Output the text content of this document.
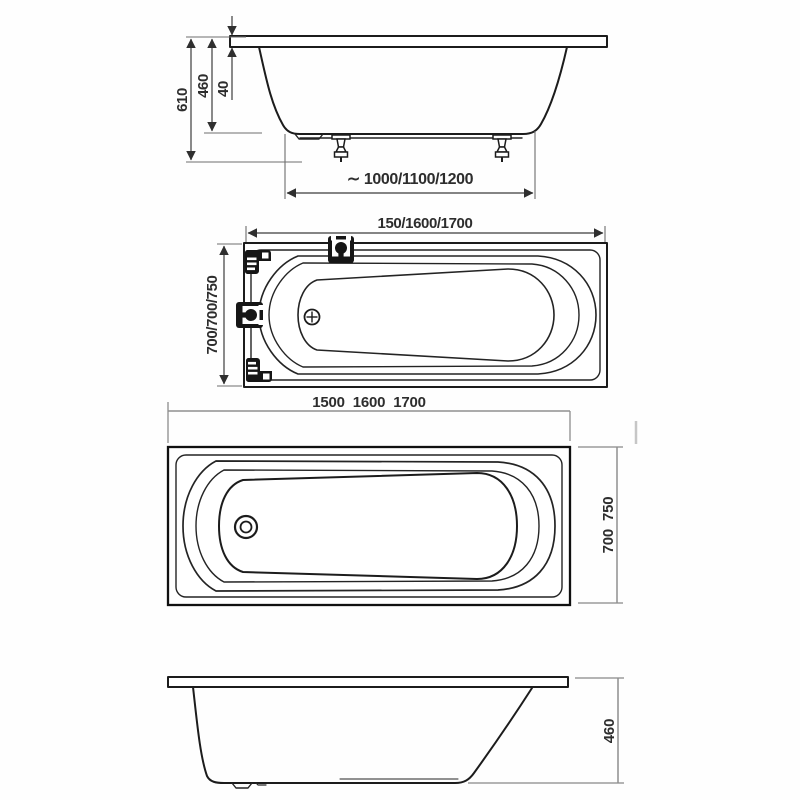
610
460 40
∼ 1000/1100/1200
150/1600/1700
700/700/750
1500  1600  1700
700  750
460
